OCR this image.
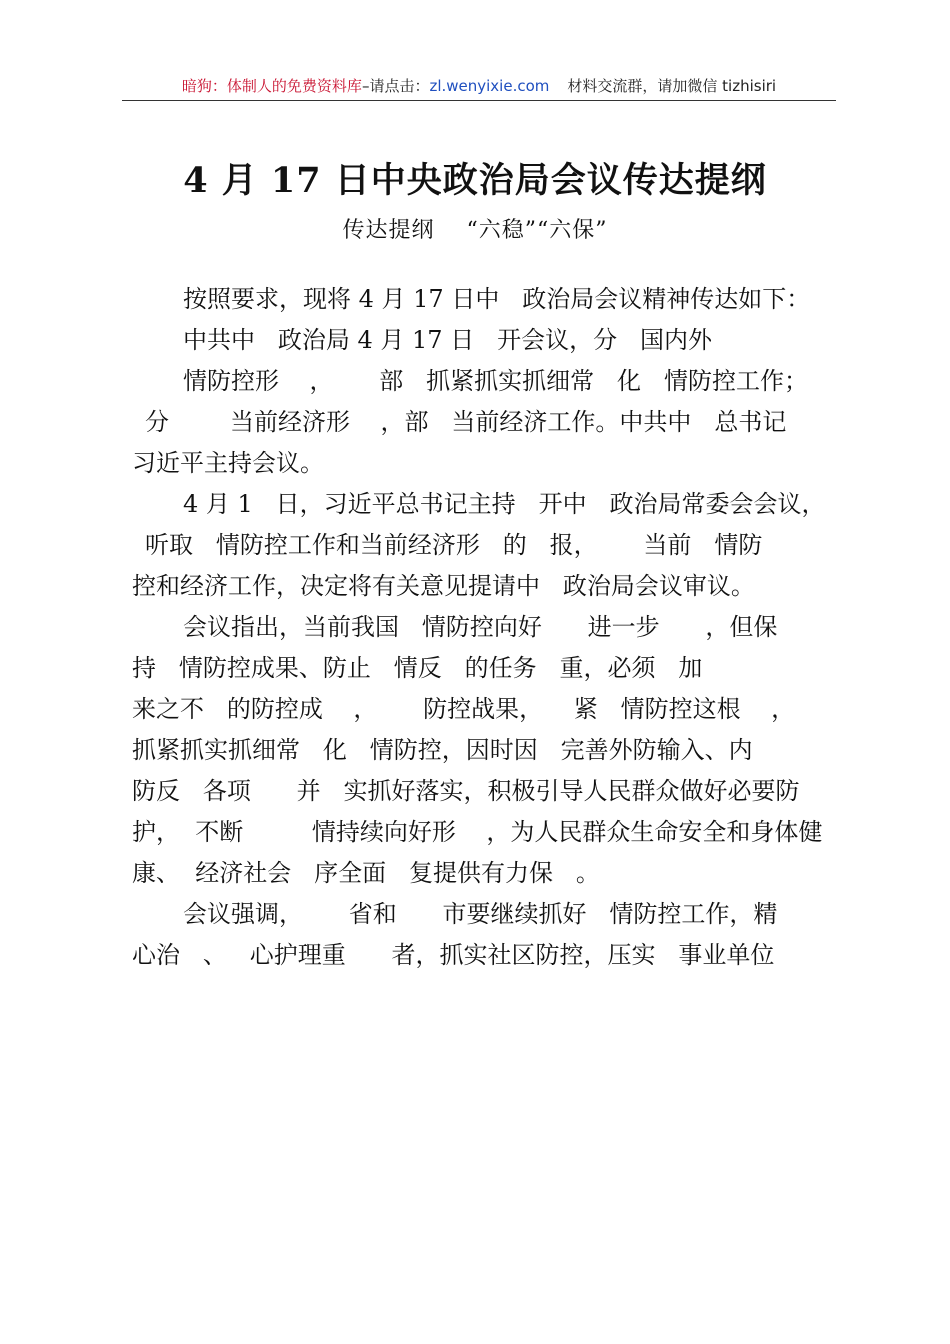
暗狗：体制人的免费资料库–请点击：zl.wenyixie.com 材料交流群，请加微信 tizhisiri
4 月 17 日中央政治局会议传达提纲
传达提纲    “六稳”“六保”
按照要求，现将 4 月 17 日中   政治局会议精神传达如下：
中共中   政治局 4 月 17 日   开会议，分   国内外
情防控形    ，      部   抓紧抓实抓细常   化   情防控工作；
分        当前经济形    ，部   当前经济工作。中共中   总书记
习近平主持会议。
4 月 1   日，习近平总书记主持   开中   政治局常委会会议，
听取   情防控工作和当前经济形   的   报，      当前   情防
控和经济工作，决定将有关意见提请中   政治局会议审议。
会议指出，当前我国   情防控向好      进一步      ，但保
持   情防控成果、防止   情反   的任务   重，必须   加
来之不   的防控成    ，      防控战果，    紧   情防控这根    ，
抓紧抓实抓细常   化   情防控，因时因   完善外防输入、内
防反   各项      并   实抓好落实，积极引导人民群众做好必要防
护，  不断         情持续向好形    ，为人民群众生命安全和身体健
康、  经济社会   序全面   复提供有力保   。
会议强调，      省和      市要继续抓好   情防控工作，精
心治   、   心护理重      者，抓实社区防控，压实   事业单位
